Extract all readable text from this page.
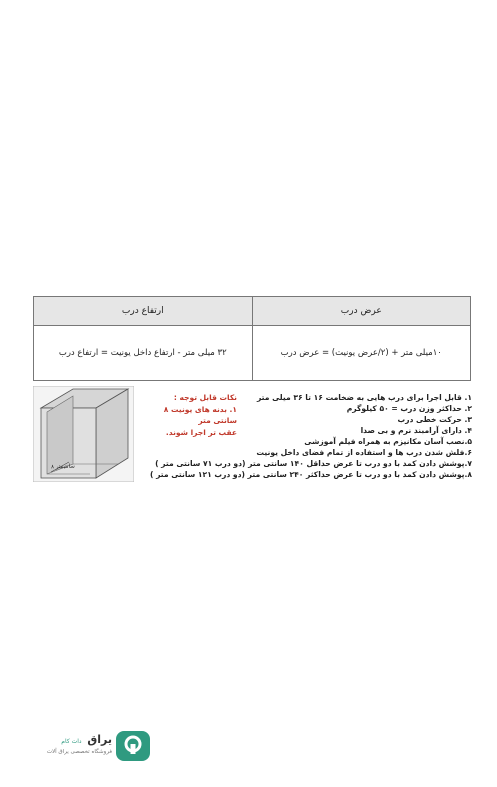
عرض درب	ارتفاع درب
۱۰میلی متر + (۲/عرض یونیت) = عرض درب	۳۲ میلی متر - ارتفاع داخل یونیت = ارتفاع درب
۸ سانتیمتر
نکات قابل توجه :
۱. بدنه های یونیت ۸ سانتی متر
عقب تر اجرا شوند.
۱. قابل اجرا برای درب هایی به ضخامت ۱۶ تا ۳۶ میلی متر
۲. حداکثر وزن درب = ۵۰ کیلوگرم
۳. حرکت خطی درب
۴. دارای آرامبند نرم و بی صدا
۵.نصب آسان مکانیزم به همراه فیلم آموزشی
۶.فلش شدن درب ها و استفاده از تمام فضای داخل یونیت
۷.پوشش دادن کمد با دو درب تا عرض حداقل ۱۴۰ سانتی متر (دو درب ۷۱ سانتی متر )
۸.پوشش دادن کمد با دو درب تا عرض حداکثر ۲۴۰ سانتی متر (دو درب ۱۲۱ سانتی متر )
یراق دات کام
فروشگاه تخصصی یراق آلات
